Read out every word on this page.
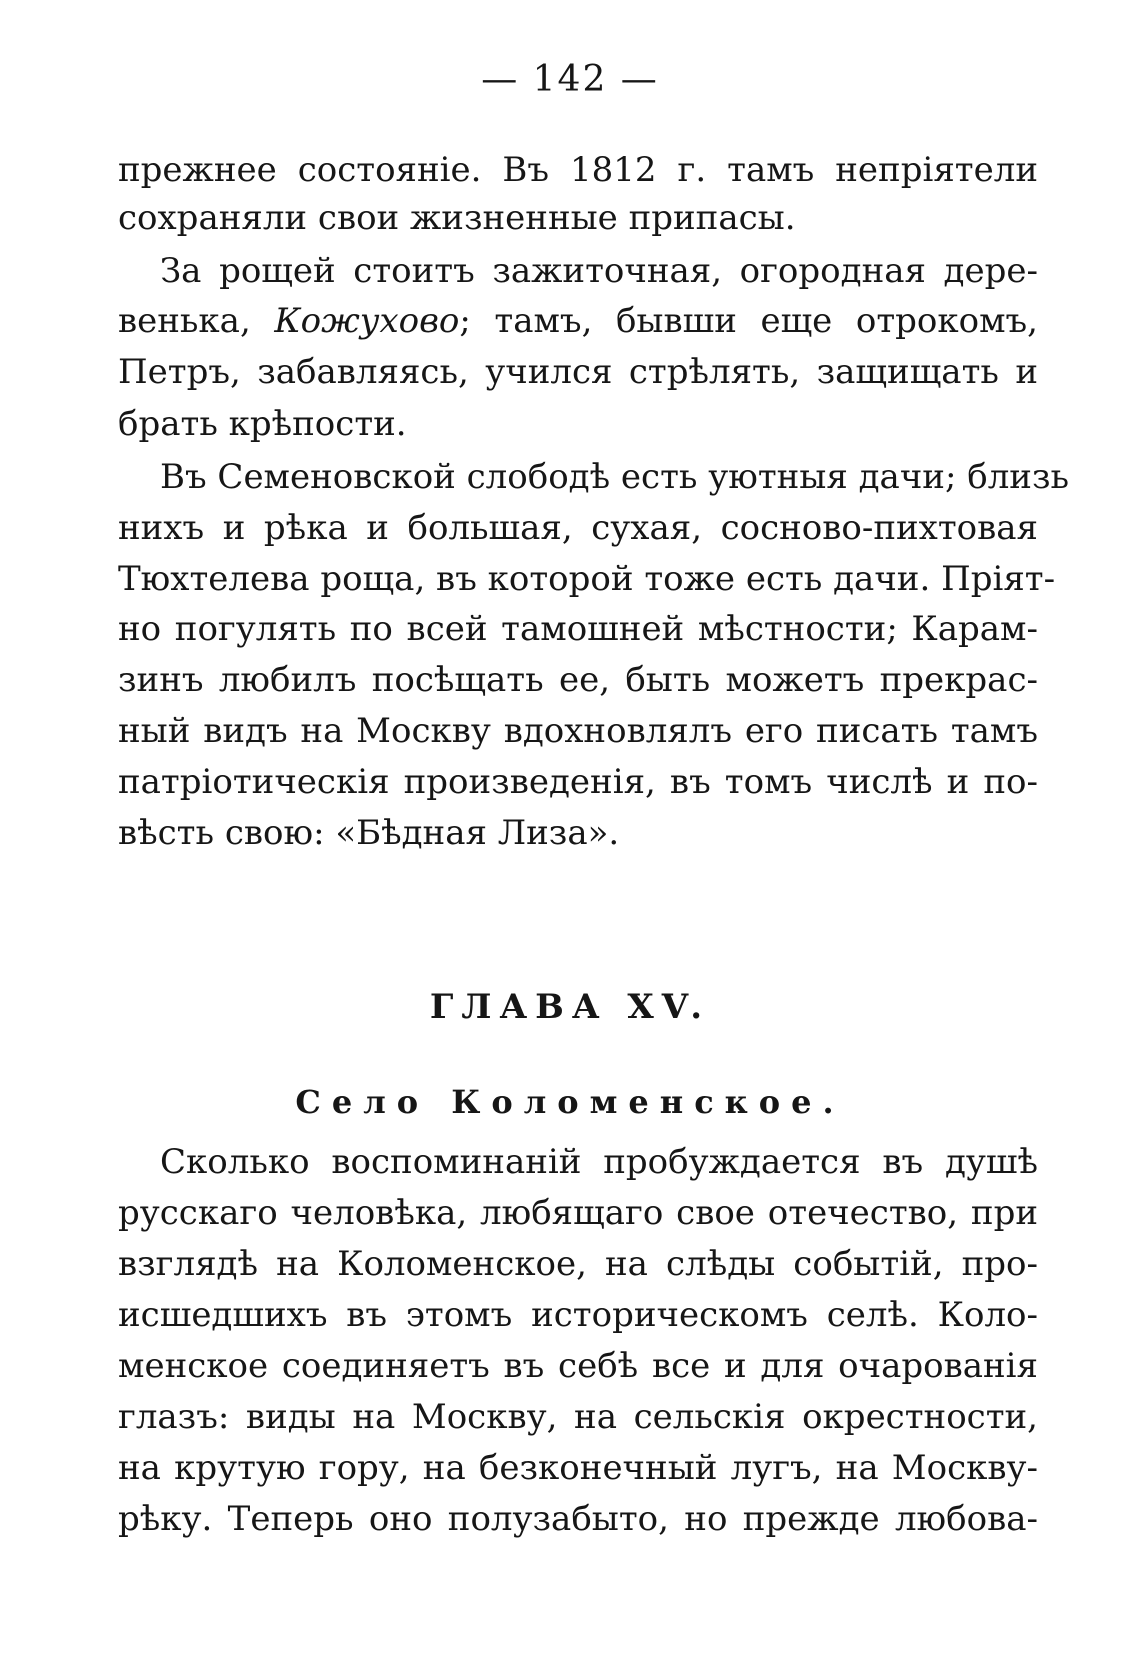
— 142 —
прежнее состоянiе. Въ 1812 г. тамъ непрiятели
сохраняли свои жизненные припасы.
За рощей стоитъ зажиточная, огородная дере-
венька, Кожухово; тамъ, бывши еще отрокомъ,
Петръ, забавляясь, учился стрѣлять, защищать и
брать крѣпости.
Въ Семеновской слободѣ есть уютныя дачи; близь
нихъ и рѣка и большая, сухая, сосново-пихтовая
Тюхтелева роща, въ которой тоже есть дачи. Прiят-
но погулять по всей тамошней мѣстности; Карам-
зинъ любилъ посѣщать ее, быть можетъ прекрас-
ный видъ на Москву вдохновлялъ его писать тамъ
патрiотическiя произведенiя, въ томъ числѣ и по-
вѣсть свою: «Бѣдная Лиза».
ГЛАВА XV.
Село Коломенское.
Сколько воспоминанiй пробуждается въ душѣ
русскаго человѣка, любящаго свое отечество, при
взглядѣ на Коломенское, на слѣды событiй, про-
исшедшихъ въ этомъ историческомъ селѣ. Коло-
менское соединяетъ въ себѣ все и для очарованiя
глазъ: виды на Москву, на сельскiя окрестности,
на крутую гору, на безконечный лугъ, на Москву-
рѣку. Теперь оно полузабыто, но прежде любова-
